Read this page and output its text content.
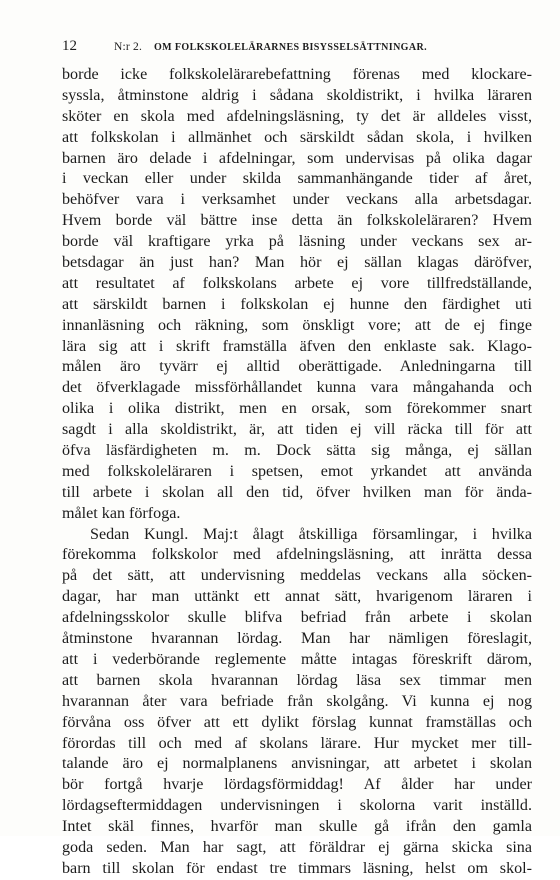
12	N:r 2.	OM FOLKSKOLELÄRARNES BISYSSELSÄTTNINGAR.
borde icke folkskolelärarebefattning förenas med klockare-
syssla, åtminstone aldrig i sådana skoldistrikt, i hvilka läraren
sköter en skola med afdelningsläsning, ty det är alldeles visst,
att folkskolan i allmänhet och särskildt sådan skola, i hvilken
barnen äro delade i afdelningar, som undervisas på olika dagar
i veckan eller under skilda sammanhängande tider af året,
behöfver vara i verksamhet under veckans alla arbetsdagar.
Hvem borde väl bättre inse detta än folkskoleläraren? Hvem
borde väl kraftigare yrka på läsning under veckans sex ar-
betsdagar än just han? Man hör ej sällan klagas däröfver,
att resultatet af folkskolans arbete ej vore tillfredställande,
att särskildt barnen i folkskolan ej hunne den färdighet uti
innanläsning och räkning, som önskligt vore; att de ej finge
lära sig att i skrift framställa äfven den enklaste sak. Klago-
målen äro tyvärr ej alltid oberättigade. Anledningarna till
det öfverklagade missförhållandet kunna vara mångahanda och
olika i olika distrikt, men en orsak, som förekommer snart
sagdt i alla skoldistrikt, är, att tiden ej vill räcka till för att
öfva läsfärdigheten m. m. Dock sätta sig många, ej sällan
med folkskoleläraren i spetsen, emot yrkandet att använda
till arbete i skolan all den tid, öfver hvilken man för ända-
målet kan förfoga.
Sedan Kungl. Maj:t ålagt åtskilliga församlingar, i hvilka
förekomma folkskolor med afdelningsläsning, att inrätta dessa
på det sätt, att undervisning meddelas veckans alla söcken-
dagar, har man uttänkt ett annat sätt, hvarigenom läraren i
afdelningsskolor skulle blifva befriad från arbete i skolan
åtminstone hvarannan lördag. Man har nämligen föreslagit,
att i vederbörande reglemente måtte intagas föreskrift därom,
att barnen skola hvarannan lördag läsa sex timmar men
hvarannan åter vara befriade från skolgång. Vi kunna ej nog
förvåna oss öfver att ett dylikt förslag kunnat framställas och
förordas till och med af skolans lärare. Hur mycket mer till-
talande äro ej normalplanens anvisningar, att arbetet i skolan
bör fortgå hvarje lördagsförmiddag! Af ålder har under
lördagseftermiddagen undervisningen i skolorna varit inställd.
Intet skäl finnes, hvarför man skulle gå ifrån den gamla
goda seden. Man har sagt, att föräldrar ej gärna skicka sina
barn till skolan för endast tre timmars läsning, helst om skol-
